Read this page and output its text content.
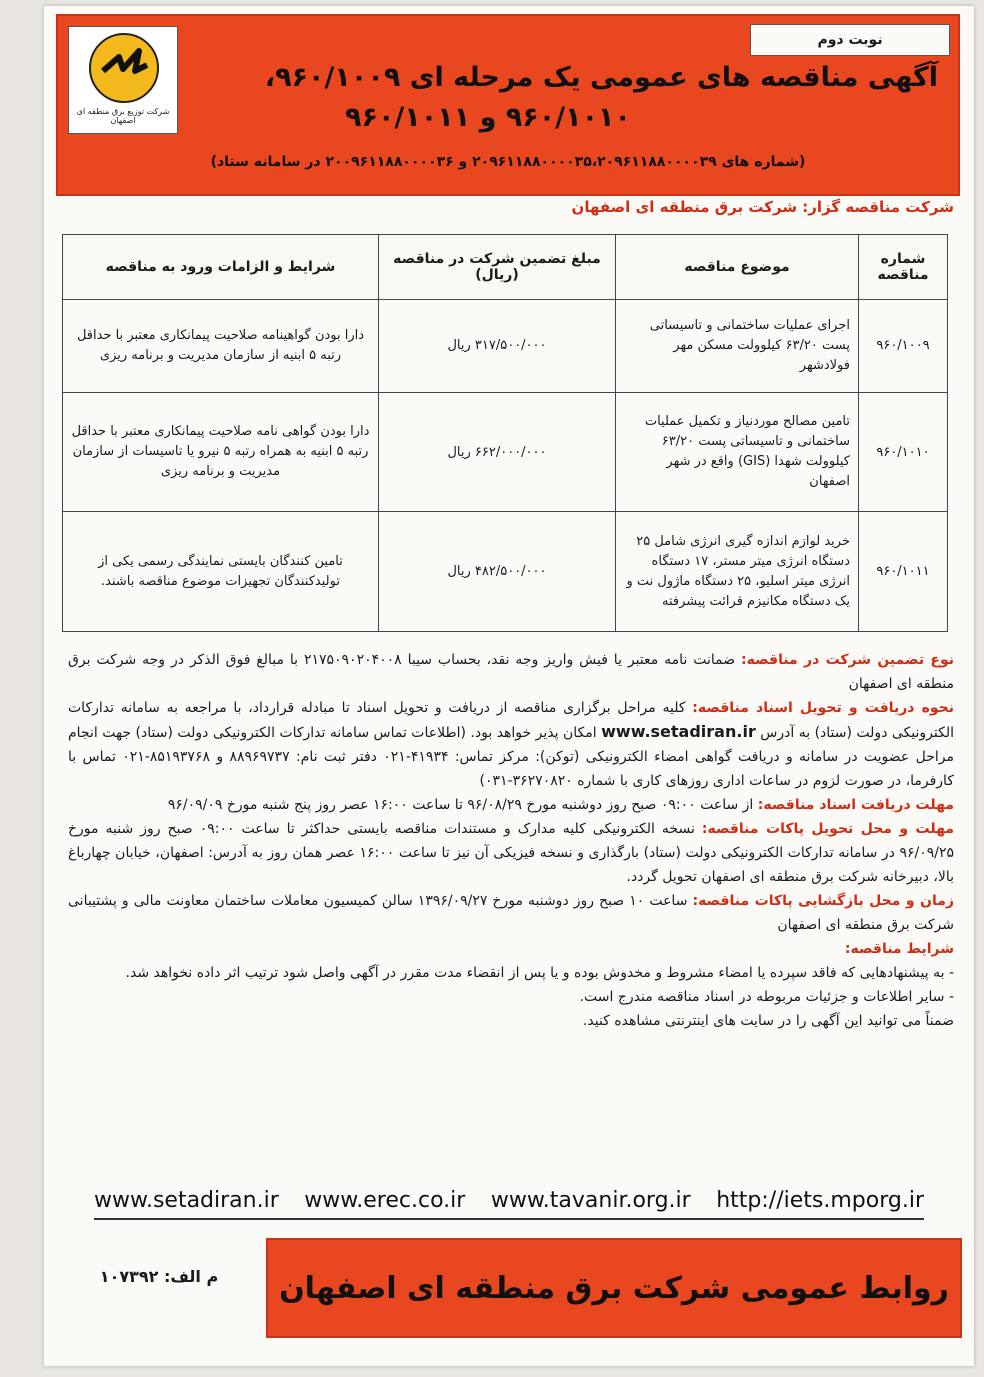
شرکت توزیع برق منطقه ای اصفهان
نوبت دوم
آگهی مناقصه های عمومی یک مرحله ای ۹۶۰/۱۰۰۹،
۹۶۰/۱۰۱۰ و ۹۶۰/۱۰۱۱
(شماره های ۲۰۹۶۱۱۸۸۰۰۰۰۳۵،۲۰۹۶۱۱۸۸۰۰۰۰۳۹ و ۲۰۰۹۶۱۱۸۸۰۰۰۰۳۶ در سامانه ستاد)
شرکت مناقصه گزار: شرکت برق منطقه ای اصفهان
شماره مناقصه	موضوع مناقصه	مبلغ تضمین شرکت در مناقصه (ریال)	شرایط و الزامات ورود به مناقصه
۹۶۰/۱۰۰۹	اجرای عملیات ساختمانی و تاسیساتی پست ۶۳/۲۰ کیلوولت مسکن مهر فولادشهر	۳۱۷/۵۰۰/۰۰۰ ریال	دارا بودن گواهینامه صلاحیت پیمانکاری معتبر با حداقل رتبه ۵ ابنیه از سازمان مدیریت و برنامه ریزی
۹۶۰/۱۰۱۰	تامین مصالح موردنیاز و تکمیل عملیات ساختمانی و تاسیساتی پست ۶۳/۲۰ کیلوولت شهدا (GIS) واقع در شهر اصفهان	۶۶۲/۰۰۰/۰۰۰ ریال	دارا بودن گواهی نامه صلاحیت پیمانکاری معتبر با حداقل رتبه ۵ ابنیه به همراه رتبه ۵ نیرو یا تاسیسات از سازمان مدیریت و برنامه ریزی
۹۶۰/۱۰۱۱	خرید لوازم اندازه گیری انرژی شامل ۲۵ دستگاه انرژی میتر مستر، ۱۷ دستگاه انرژی میتر اسلیو، ۲۵ دستگاه ماژول نت و یک دستگاه مکانیزم قرائت پیشرفته	۴۸۲/۵۰۰/۰۰۰ ریال	تامین کنندگان بایستی نمایندگی رسمی یکی از تولیدکنندگان تجهیزات موضوع مناقصه باشند.

نوع تضمین شرکت در مناقصه: ضمانت نامه معتبر یا فیش واریز وجه نقد، بحساب سیبا ۲۱۷۵۰۹۰۲۰۴۰۰۸ با مبالغ فوق الذکر در وجه شرکت برق منطقه ای اصفهان

نحوه دریافت و تحویل اسناد مناقصه: کلیه مراحل برگزاری مناقصه از دریافت و تحویل اسناد تا مبادله قرارداد، با مراجعه به سامانه تدارکات الکترونیکی دولت (ستاد) به آدرس www.setadiran.ir امکان پذیر خواهد بود. (اطلاعات تماس سامانه تدارکات الکترونیکی دولت (ستاد) جهت انجام مراحل عضویت در سامانه و دریافت گواهی امضاء الکترونیکی (توکن): مرکز تماس: ۴۱۹۳۴-۰۲۱ دفتر ثبت نام: ۸۸۹۶۹۷۳۷ و ۸۵۱۹۳۷۶۸-۰۲۱ تماس با کارفرما، در صورت لزوم در ساعات اداری روزهای کاری با شماره ۳۶۲۷۰۸۲۰-۰۳۱)

مهلت دریافت اسناد مناقصه: از ساعت ۰۹:۰۰ صبح روز دوشنبه مورخ ۹۶/۰۸/۲۹ تا ساعت ۱۶:۰۰ عصر روز پنج شنبه مورخ ۹۶/۰۹/۰۹

مهلت و محل تحویل پاکات مناقصه: نسخه الکترونیکی کلیه مدارک و مستندات مناقصه بایستی حداکثر تا ساعت ۰۹:۰۰ صبح روز شنبه مورخ ۹۶/۰۹/۲۵ در سامانه تدارکات الکترونیکی دولت (ستاد) بارگذاری و نسخه فیزیکی آن نیز تا ساعت ۱۶:۰۰ عصر همان روز به آدرس: اصفهان، خیابان چهارباغ بالا، دبیرخانه شرکت برق منطقه ای اصفهان تحویل گردد.

زمان و محل بازگشایی پاکات مناقصه: ساعت ۱۰ صبح روز دوشنبه مورخ ۱۳۹۶/۰۹/۲۷ سالن کمیسیون معاملات ساختمان معاونت مالی و پشتیبانی شرکت برق منطقه ای اصفهان

شرایط مناقصه:

- به پیشنهادهایی که فاقد سپرده یا امضاء مشروط و مخدوش بوده و یا پس از انقضاء مدت مقرر در آگهی واصل شود ترتیب اثر داده نخواهد شد.

- سایر اطلاعات و جزئیات مربوطه در اسناد مناقصه مندرج است.

ضمناً می توانید این آگهی را در سایت های اینترنتی مشاهده کنید.

www.setadiran.ir www.erec.co.ir www.tavanir.org.ir http://iets.mporg.ir
روابط عمومی شرکت برق منطقه ای اصفهان
م الف: ۱۰۷۳۹۲
